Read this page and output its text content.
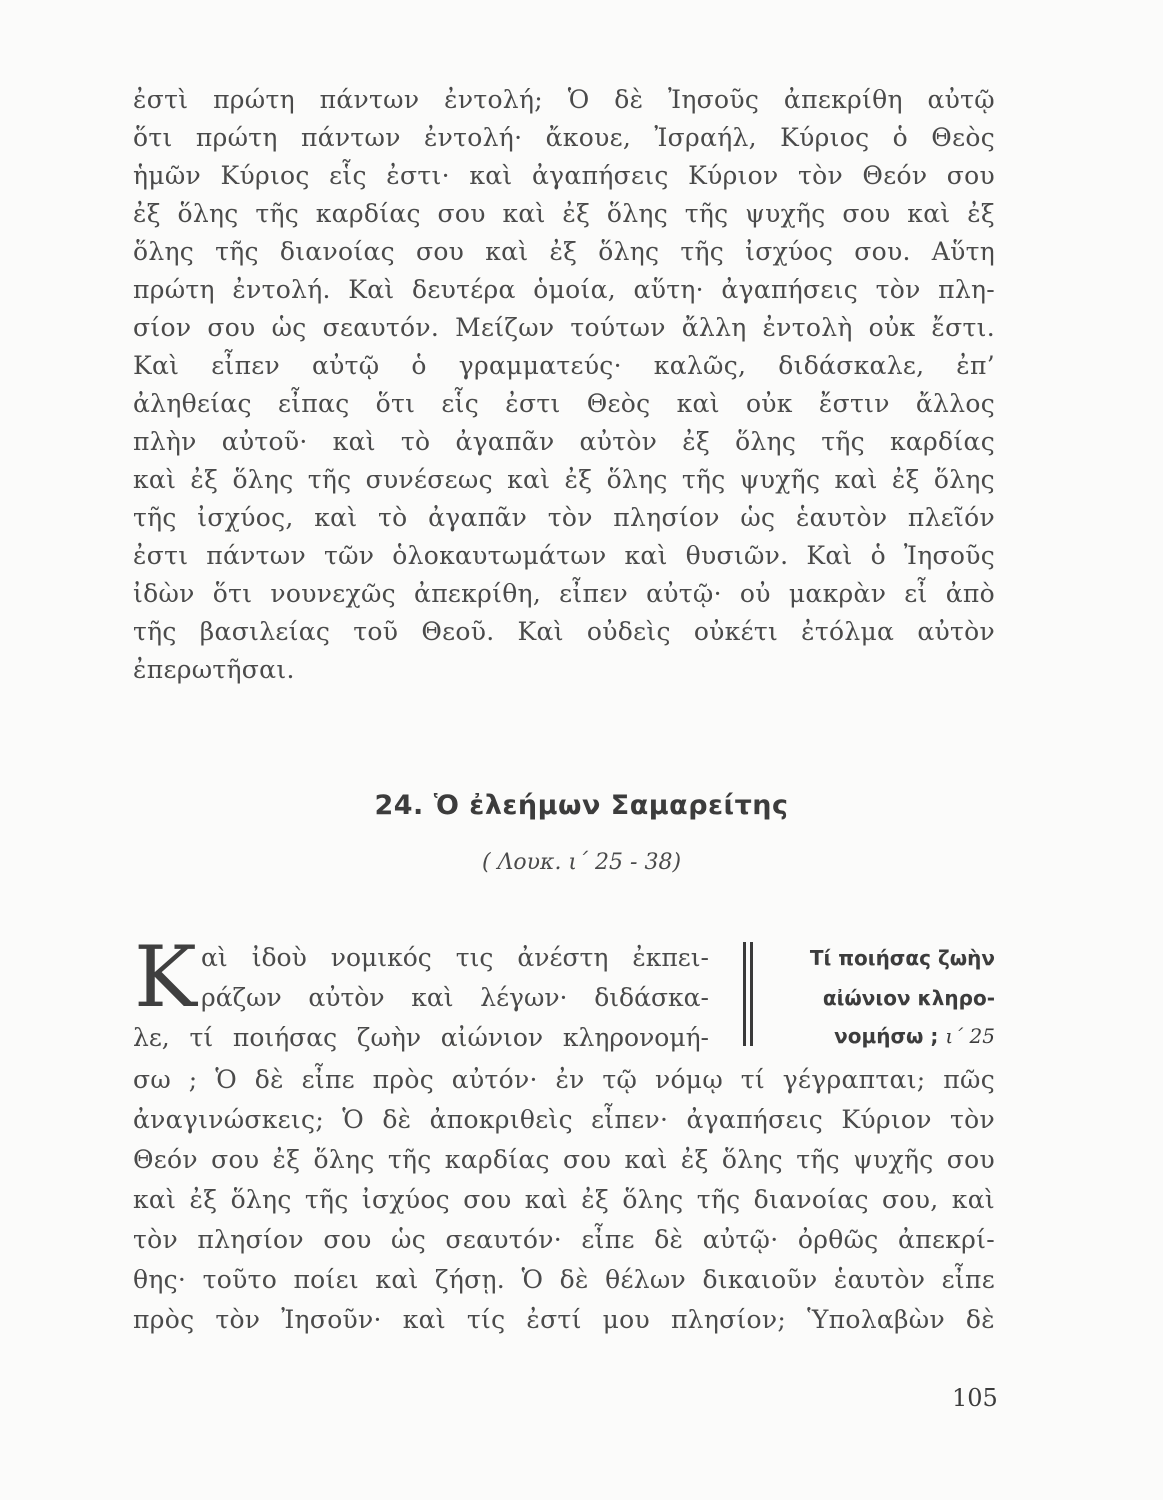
ἐστὶ πρώτη πάντων ἐντολή; Ὁ δὲ Ἰησοῦς ἀπεκρίθη αὐτῷ
ὅτι πρώτη πάντων ἐντολή· ἄκουε, Ἰσραήλ, Κύριος ὁ Θεὸς
ἡμῶν Κύριος εἷς ἐστι· καὶ ἀγαπήσεις Κύριον τὸν Θεόν σου
ἐξ ὅλης τῆς καρδίας σου καὶ ἐξ ὅλης τῆς ψυχῆς σου καὶ ἐξ
ὅλης τῆς διανοίας σου καὶ ἐξ ὅλης τῆς ἰσχύος σου. Αὕτη
πρώτη ἐντολή. Καὶ δευτέρα ὁμοία, αὕτη· ἀγαπήσεις τὸν πλη-
σίον σου ὡς σεαυτόν. Μείζων τούτων ἄλλη ἐντολὴ οὐκ ἔστι.
Καὶ εἶπεν αὐτῷ ὁ γραμματεύς· καλῶς, διδάσκαλε, ἐπ’
ἀληθείας εἶπας ὅτι εἷς ἐστι Θεὸς καὶ οὐκ ἔστιν ἄλλος
πλὴν αὐτοῦ· καὶ τὸ ἀγαπᾶν αὐτὸν ἐξ ὅλης τῆς καρδίας
καὶ ἐξ ὅλης τῆς συνέσεως καὶ ἐξ ὅλης τῆς ψυχῆς καὶ ἐξ ὅλης
τῆς ἰσχύος, καὶ τὸ ἀγαπᾶν τὸν πλησίον ὡς ἑαυτὸν πλεῖόν
ἐστι πάντων τῶν ὁλοκαυτωμάτων καὶ θυσιῶν. Καὶ ὁ Ἰησοῦς
ἰδὼν ὅτι νουνεχῶς ἀπεκρίθη, εἶπεν αὐτῷ· οὐ μακρὰν εἶ ἀπὸ
τῆς βασιλείας τοῦ Θεοῦ. Καὶ οὐδεὶς οὐκέτι ἐτόλμα αὐτὸν
ἐπερωτῆσαι.
24. Ὁ ἐλεήμων Σαμαρείτης
( Λουκ. ι΄ 25 - 38)
Κ αὶ ἰδοὺ νομικός τις ἀνέστη ἐκπει-
ράζων αὐτὸν καὶ λέγων· διδάσκα-
λε, τί ποιήσας ζωὴν αἰώνιον κληρονομή-
Τί ποιήσας ζωὴν
αἰώνιον κληρο-
νομήσω ; ι΄ 25
σω ; Ὁ δὲ εἶπε πρὸς αὐτόν· ἐν τῷ νόμῳ τί γέγραπται; πῶς
ἀναγινώσκεις; Ὁ δὲ ἀποκριθεὶς εἶπεν· ἀγαπήσεις Κύριον τὸν
Θεόν σου ἐξ ὅλης τῆς καρδίας σου καὶ ἐξ ὅλης τῆς ψυχῆς σου
καὶ ἐξ ὅλης τῆς ἰσχύος σου καὶ ἐξ ὅλης τῆς διανοίας σου, καὶ
τὸν πλησίον σου ὡς σεαυτόν· εἶπε δὲ αὐτῷ· ὀρθῶς ἀπεκρί-
θης· τοῦτο ποίει καὶ ζήσῃ. Ὁ δὲ θέλων δικαιοῦν ἑαυτὸν εἶπε
πρὸς τὸν Ἰησοῦν· καὶ τίς ἐστί μου πλησίον; Ὑπολαβὼν δὲ
105
